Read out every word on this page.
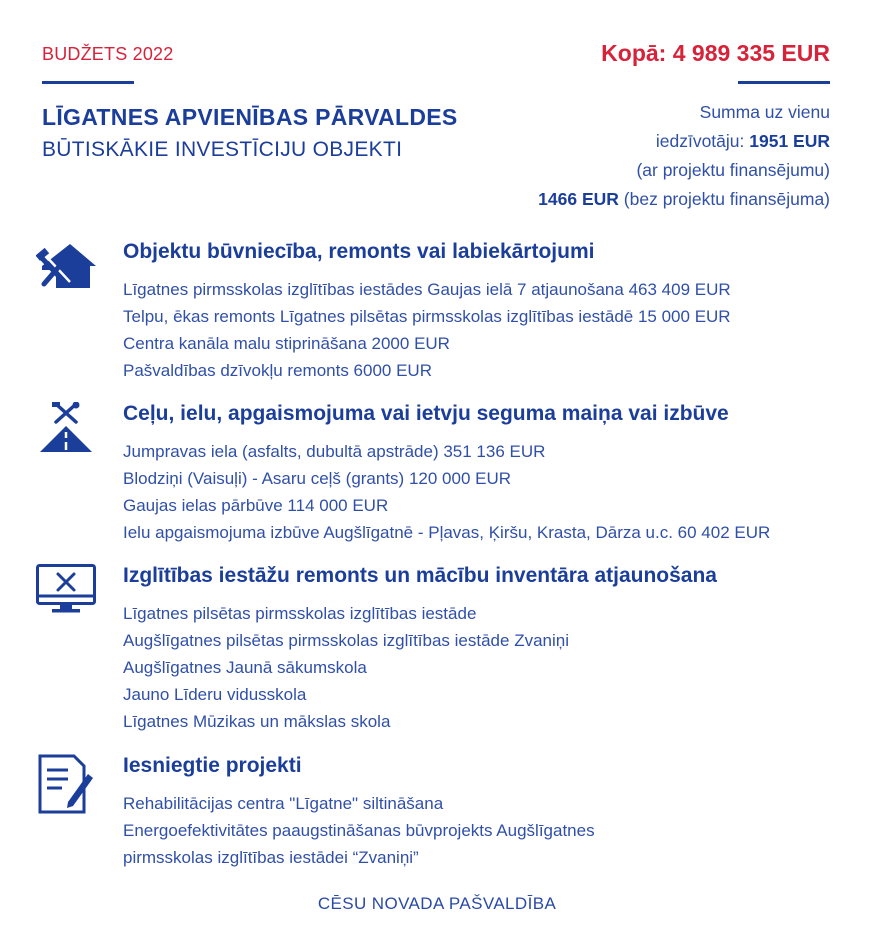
BUDŽETS 2022
LĪGATNES APVIENĪBAS PĀRVALDES
BŪTISKĀKIE INVESTĪCIJU OBJEKTI
Kopā: 4 989 335 EUR
Summa uz vienu
iedzīvotāju: 1951 EUR
(ar projektu finansējumu)
1466 EUR (bez projektu finansējuma)
Objektu būvniecība, remonts vai labiekārtojumi
Līgatnes pirmsskolas izglītības iestādes Gaujas ielā 7 atjaunošana 463 409 EUR
Telpu, ēkas remonts Līgatnes pilsētas pirmsskolas izglītības iestādē 15 000 EUR
Centra kanāla malu stiprināšana 2000 EUR
Pašvaldības dzīvokļu remonts 6000 EUR
Ceļu, ielu, apgaismojuma vai ietvju seguma maiņa vai izbūve
Jumpravas iela (asfalts, dubultā apstrāde) 351 136 EUR
Blodziņi (Vaisuļi) - Asaru ceļš (grants) 120 000 EUR
Gaujas ielas pārbūve 114 000 EUR
Ielu apgaismojuma izbūve Augšlīgatnē - Pļavas, Ķiršu, Krasta, Dārza u.c. 60 402 EUR
Izglītības iestāžu remonts un mācību inventāra atjaunošana
Līgatnes pilsētas pirmsskolas izglītības iestāde
Augšlīgatnes pilsētas pirmsskolas izglītības iestāde Zvaniņi
Augšlīgatnes Jaunā sākumskola
Jauno Līderu vidusskola
Līgatnes Mūzikas un mākslas skola
Iesniegtie projekti
Rehabilitācijas centra "Līgatne" siltināšana
Energoefektivitātes paaugstināšanas būvprojekts Augšlīgatnes
pirmsskolas izglītības iestādei “Zvaniņi”
CĒSU NOVADA PAŠVALDĪBA
